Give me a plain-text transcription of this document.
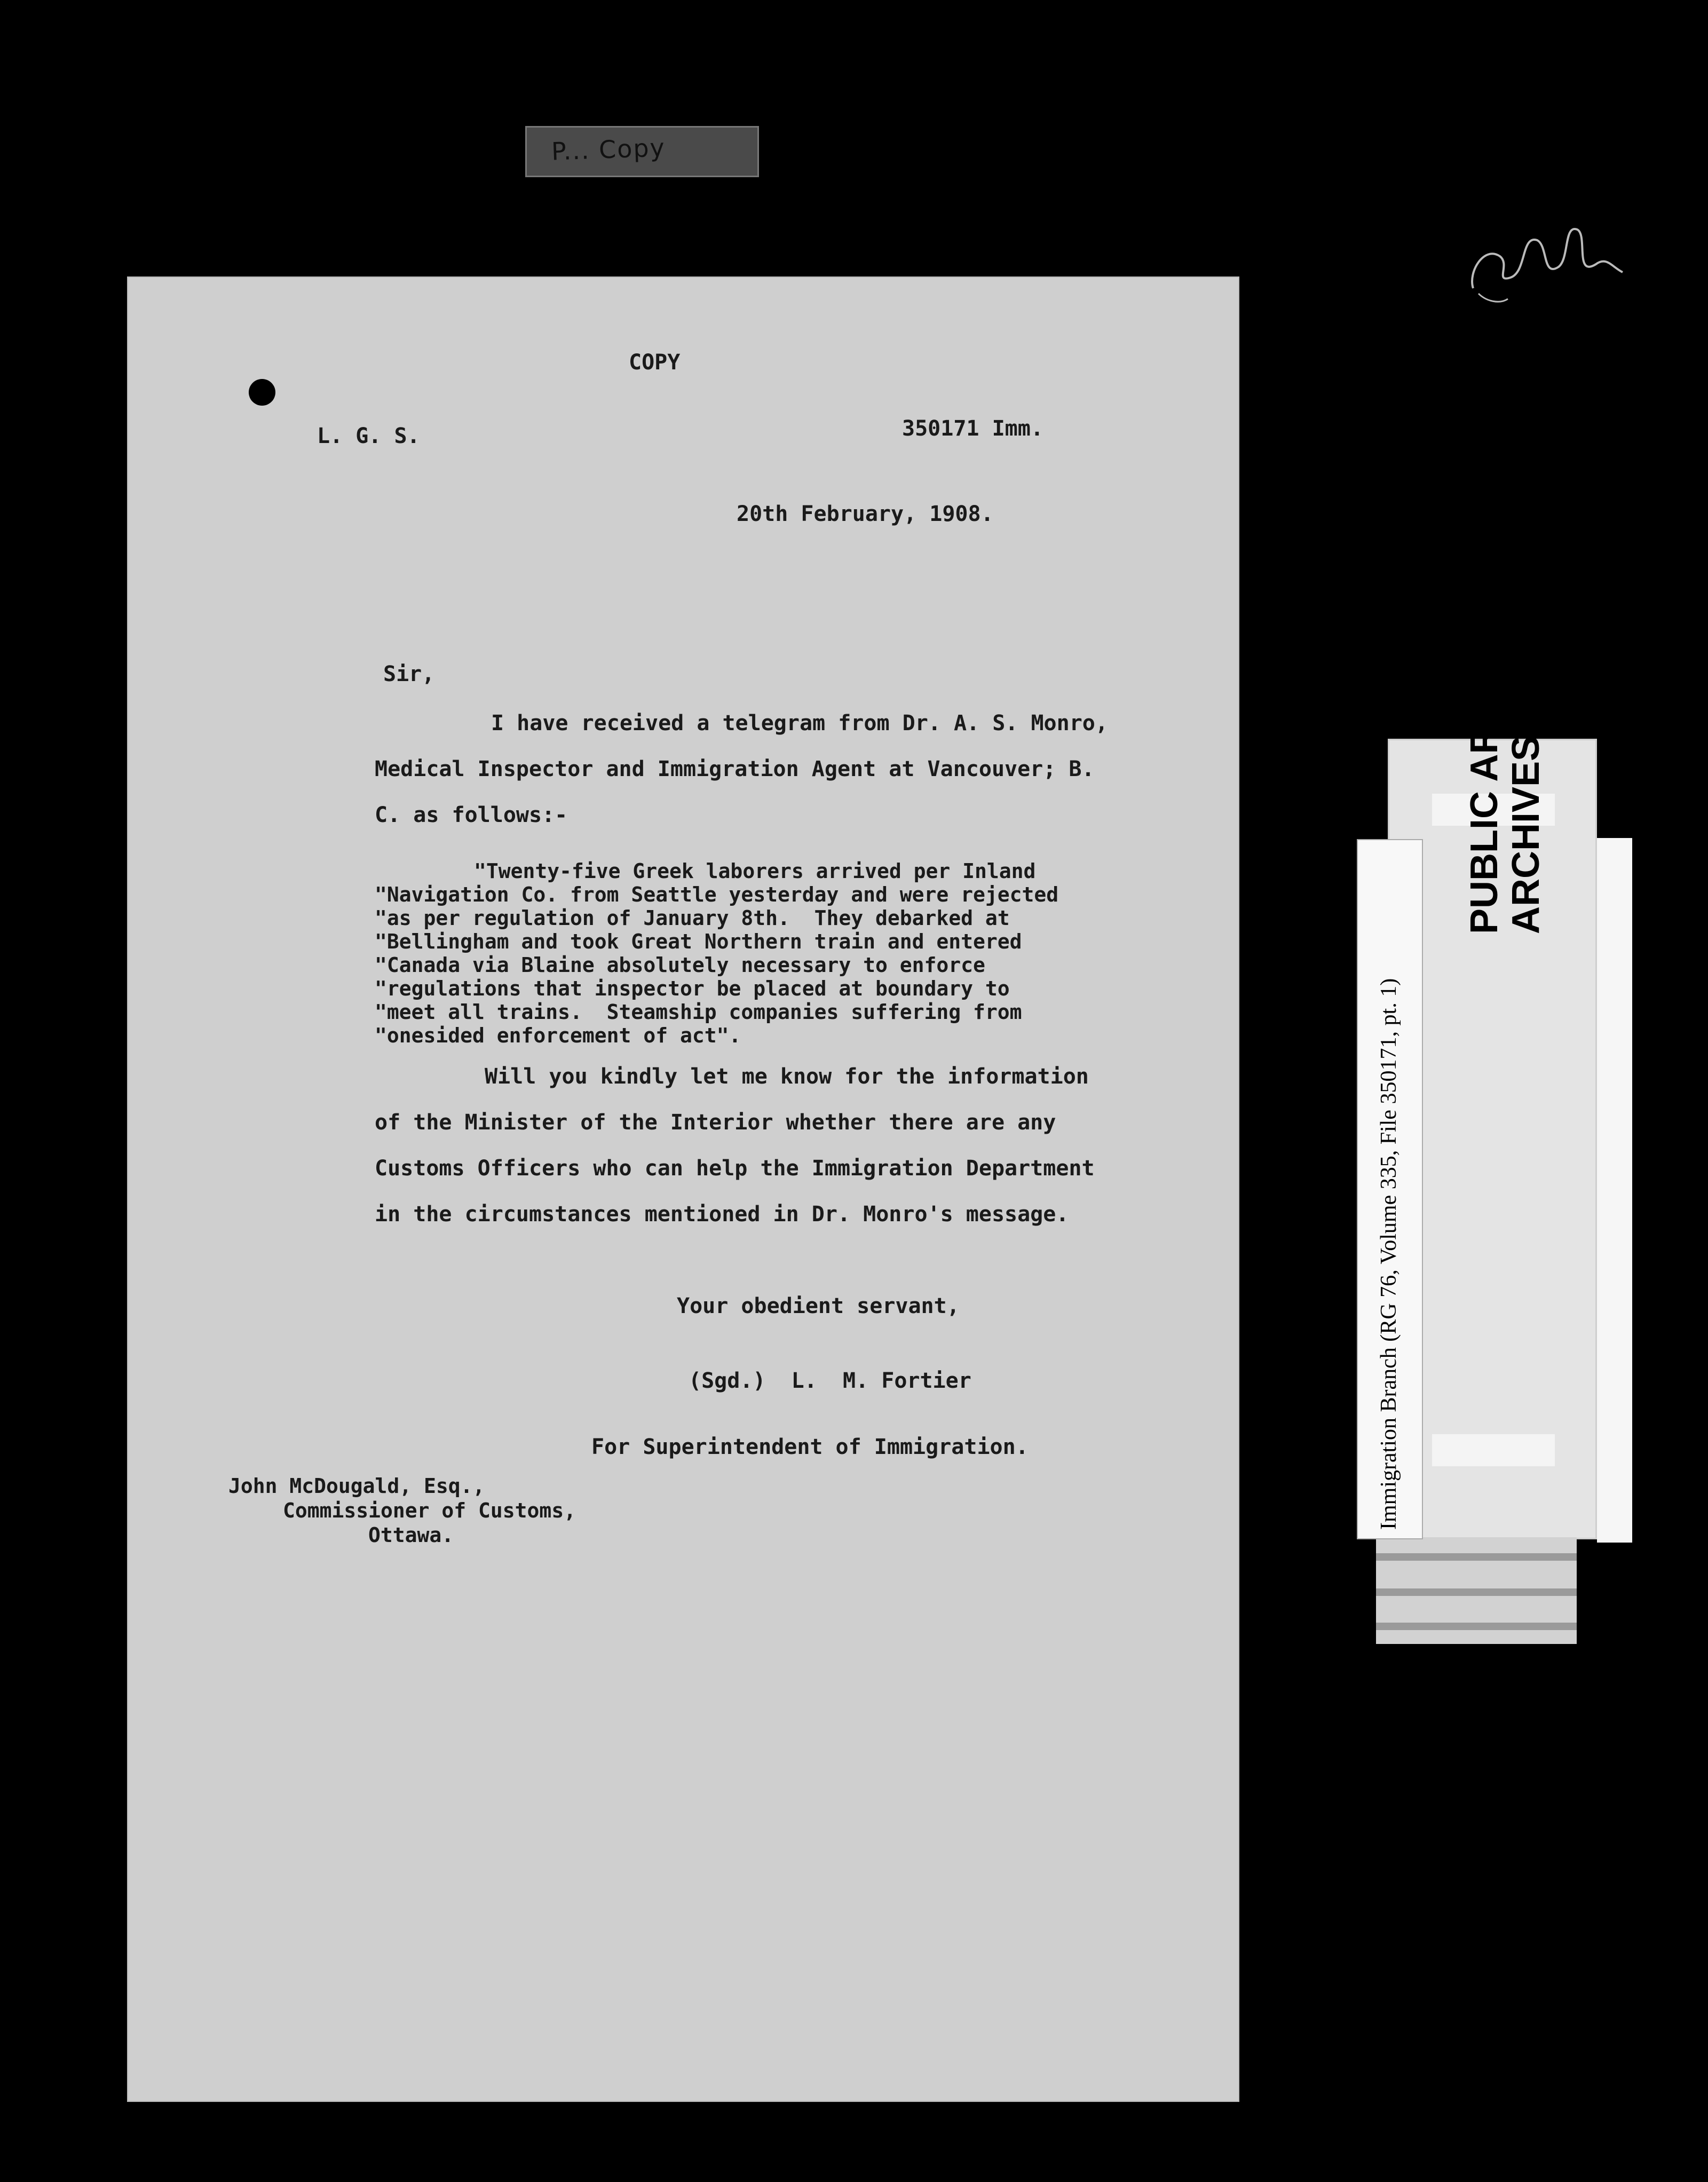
P... Copy

COPY

350171 Imm.

L. G. S.

20th February, 1908.

Sir,

I have received a telegram from Dr. A. S. Monro,

Medical Inspector and Immigration Agent at Vancouver; B.

C. as follows:-

"Twenty-five Greek laborers arrived per Inland

"Navigation Co. from Seattle yesterday and were rejected

"as per regulation of January 8th.  They debarked at

"Bellingham and took Great Northern train and entered

"Canada via Blaine absolutely necessary to enforce

"regulations that inspector be placed at boundary to

"meet all trains.  Steamship companies suffering from

"onesided enforcement of act".

Will you kindly let me know for the information

of the Minister of the Interior whether there are any

Customs Officers who can help the Immigration Department

in the circumstances mentioned in Dr. Monro's message.

Your obedient servant,

(Sgd.)  L.  M. Fortier

For Superintendent of Immigration.

John McDougald, Esq.,

Commissioner of Customs,

Ottawa.

PUBLIC ARCHIVES
ARCHIVES PUBLIQUES CANADA
Immigration Branch (RG 76, Volume 335, File 350171, pt. 1)
